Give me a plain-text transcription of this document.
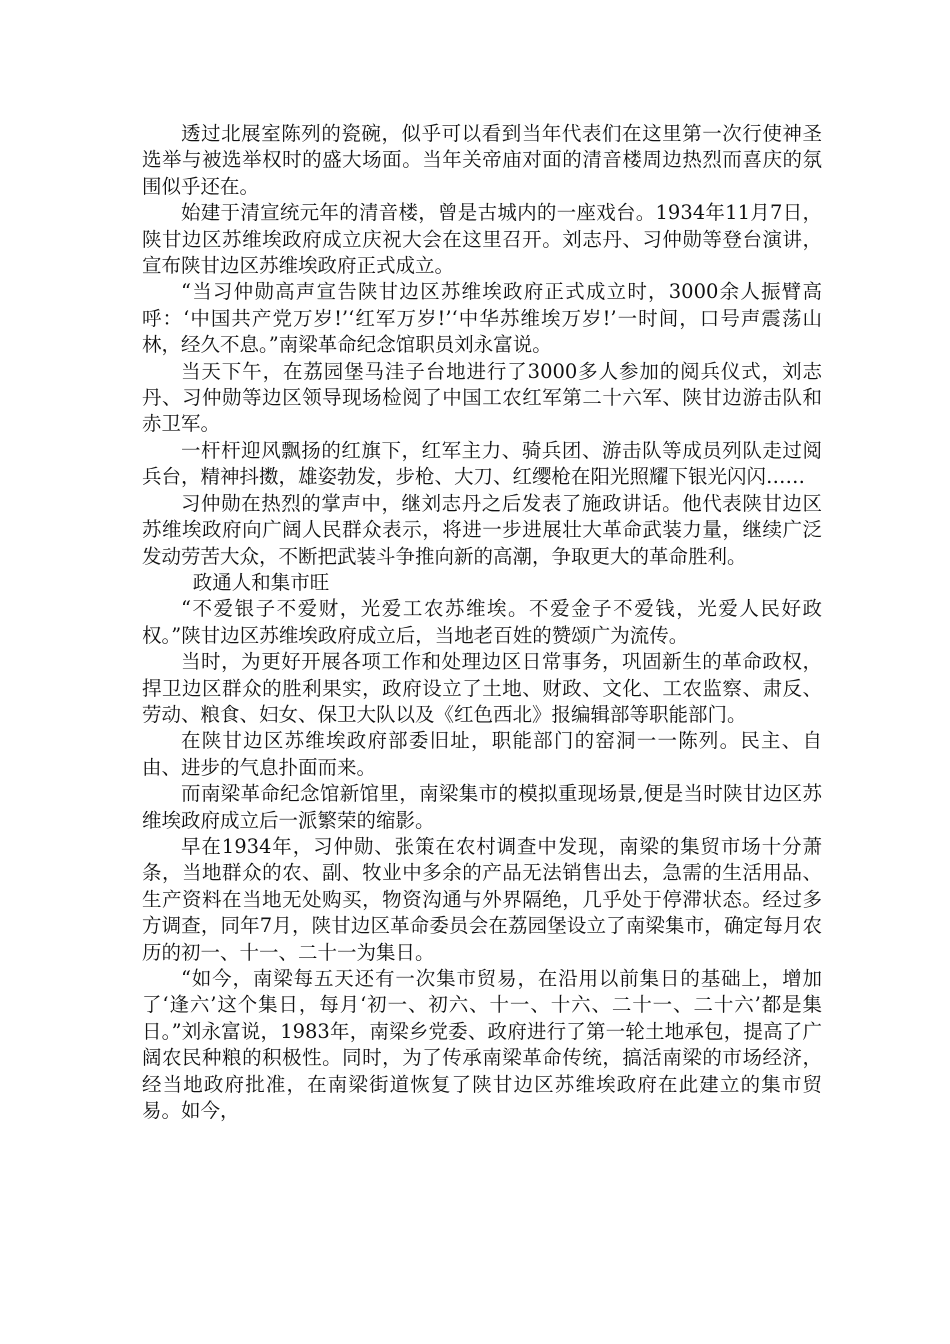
透过北展室陈列的瓷碗，似乎可以看到当年代表们在这里第一次行使神圣选举与被选举权时的盛大场面。当年关帝庙对面的清音楼周边热烈而喜庆的氛围似乎还在。

始建于清宣统元年的清音楼，曾是古城内的一座戏台。1934年11月7日，陕甘边区苏维埃政府成立庆祝大会在这里召开。刘志丹、习仲勋等登台演讲，宣布陕甘边区苏维埃政府正式成立。

“当习仲勋高声宣告陕甘边区苏维埃政府正式成立时，3000余人振臂高呼：‘中国共产党万岁!’‘红军万岁!’‘中华苏维埃万岁!’一时间，口号声震荡山林，经久不息。”南梁革命纪念馆职员刘永富说。

当天下午，在荔园堡马洼子台地进行了3000多人参加的阅兵仪式，刘志丹、习仲勋等边区领导现场检阅了中国工农红军第二十六军、陕甘边游击队和赤卫军。

一杆杆迎风飘扬的红旗下，红军主力、骑兵团、游击队等成员列队走过阅兵台，精神抖擞，雄姿勃发，步枪、大刀、红缨枪在阳光照耀下银光闪闪……

习仲勋在热烈的掌声中，继刘志丹之后发表了施政讲话。他代表陕甘边区苏维埃政府向广阔人民群众表示，将进一步进展壮大革命武装力量，继续广泛发动劳苦大众，不断把武装斗争推向新的高潮，争取更大的革命胜利。

政通人和集市旺

“不爱银子不爱财，光爱工农苏维埃。不爱金子不爱钱，光爱人民好政权。”陕甘边区苏维埃政府成立后，当地老百姓的赞颂广为流传。

当时，为更好开展各项工作和处理边区日常事务，巩固新生的革命政权，捍卫边区群众的胜利果实，政府设立了土地、财政、文化、工农监察、肃反、劳动、粮食、妇女、保卫大队以及《红色西北》报编辑部等职能部门。

在陕甘边区苏维埃政府部委旧址，职能部门的窑洞一一陈列。民主、自由、进步的气息扑面而来。

而南梁革命纪念馆新馆里，南梁集市的模拟重现场景,便是当时陕甘边区苏维埃政府成立后一派繁荣的缩影。

早在1934年，习仲勋、张策在农村调查中发现，南梁的集贸市场十分萧条，当地群众的农、副、牧业中多余的产品无法销售出去，急需的生活用品、生产资料在当地无处购买，物资沟通与外界隔绝，几乎处于停滞状态。经过多方调查，同年7月，陕甘边区革命委员会在荔园堡设立了南梁集市，确定每月农历的初一、十一、二十一为集日。

“如今，南梁每五天还有一次集市贸易，在沿用以前集日的基础上，增加了‘逢六’这个集日，每月‘初一、初六、十一、十六、二十一、二十六’都是集日。”刘永富说，1983年，南梁乡党委、政府进行了第一轮土地承包，提高了广阔农民种粮的积极性。同时，为了传承南梁革命传统，搞活南梁的市场经济，经当地政府批准，在南梁街道恢复了陕甘边区苏维埃政府在此建立的集市贸易。如今，
